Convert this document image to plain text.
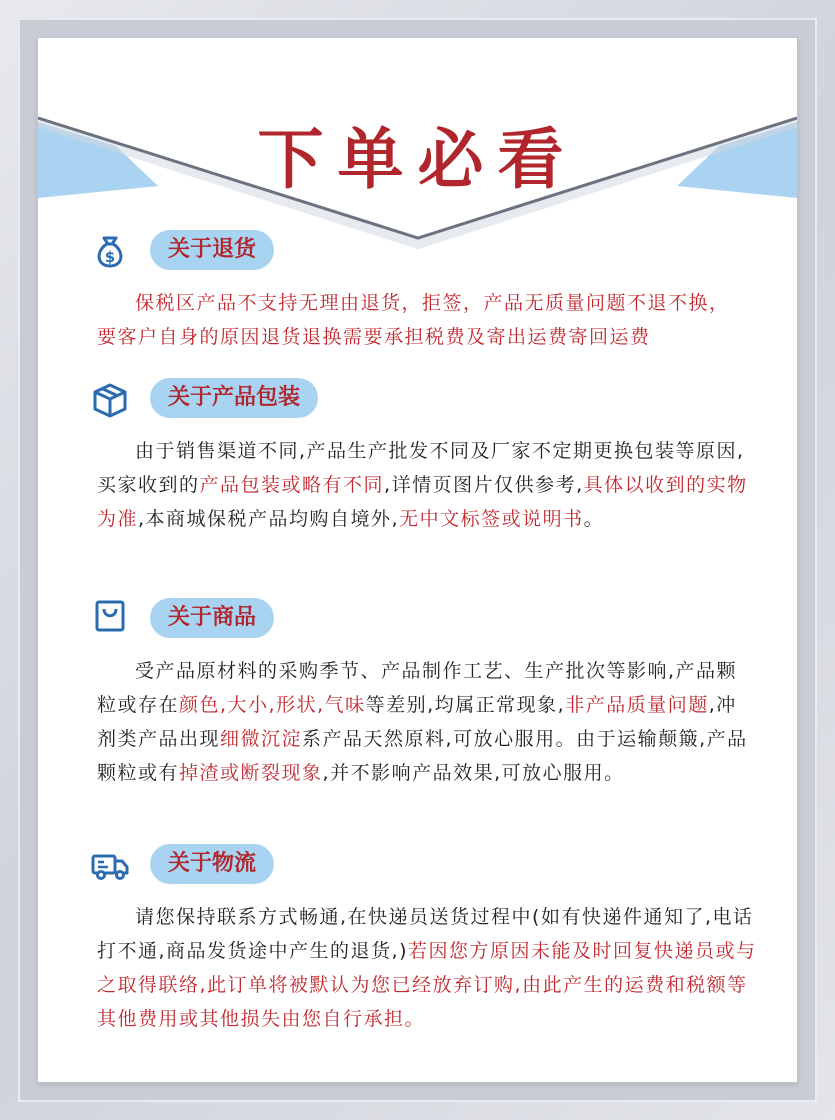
下单必看
$	关于退货
保税区产品不支持无理由退货，拒签，产品无质量问题不退不换，
要客户自身的原因退货退换需要承担税费及寄出运费寄回运费
关于产品包装
由于销售渠道不同,产品生产批发不同及厂家不定期更换包装等原因,买家收到的产品包装或略有不同,详情页图片仅供参考,具体以收到的实物为准,本商城保税产品均购自境外,无中文标签或说明书。
关于商品
受产品原材料的采购季节、产品制作工艺、生产批次等影响,产品颗粒或存在颜色,大小,形状,气味等差别,均属正常现象,非产品质量问题,冲剂类产品出现细微沉淀系产品天然原料,可放心服用。由于运输颠簸,产品颗粒或有掉渣或断裂现象,并不影响产品效果,可放心服用。
关于物流
请您保持联系方式畅通,在快递员送货过程中(如有快递件通知了,电话打不通,商品发货途中产生的退货,)若因您方原因未能及时回复快递员或与之取得联络,此订单将被默认为您已经放弃订购,由此产生的运费和税额等其他费用或其他损失由您自行承担。
